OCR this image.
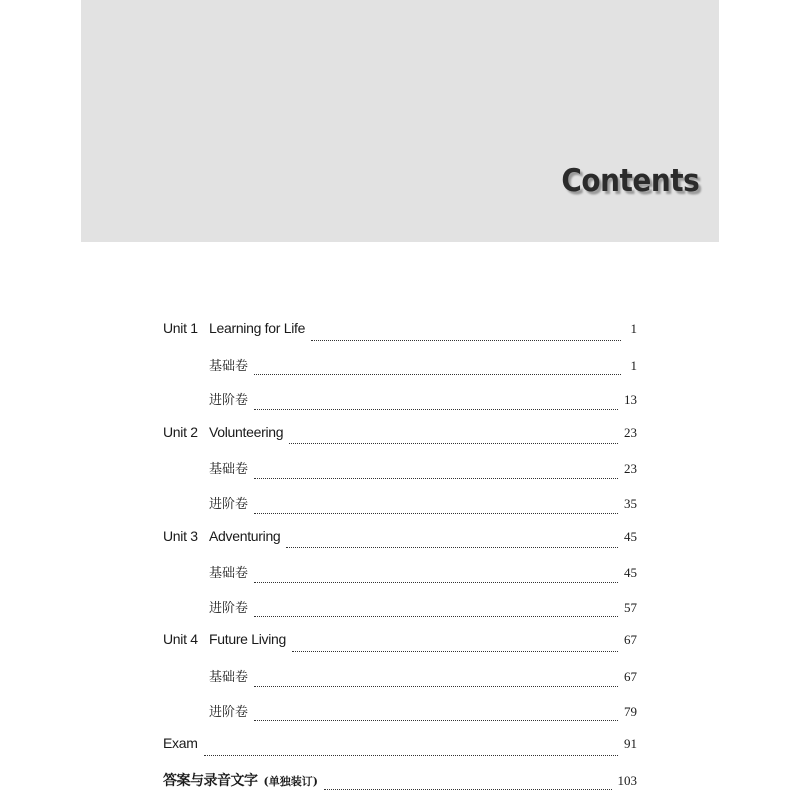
Contents
Unit 1 Learning for Life	1
基础卷	1
进阶卷	13
Unit 2 Volunteering	23
基础卷	23
进阶卷	35
Unit 3 Adventuring	45
基础卷	45
进阶卷	57
Unit 4 Future Living	67
基础卷	67
进阶卷	79
Exam	91
答案与录音文字 (单独装订)	103
